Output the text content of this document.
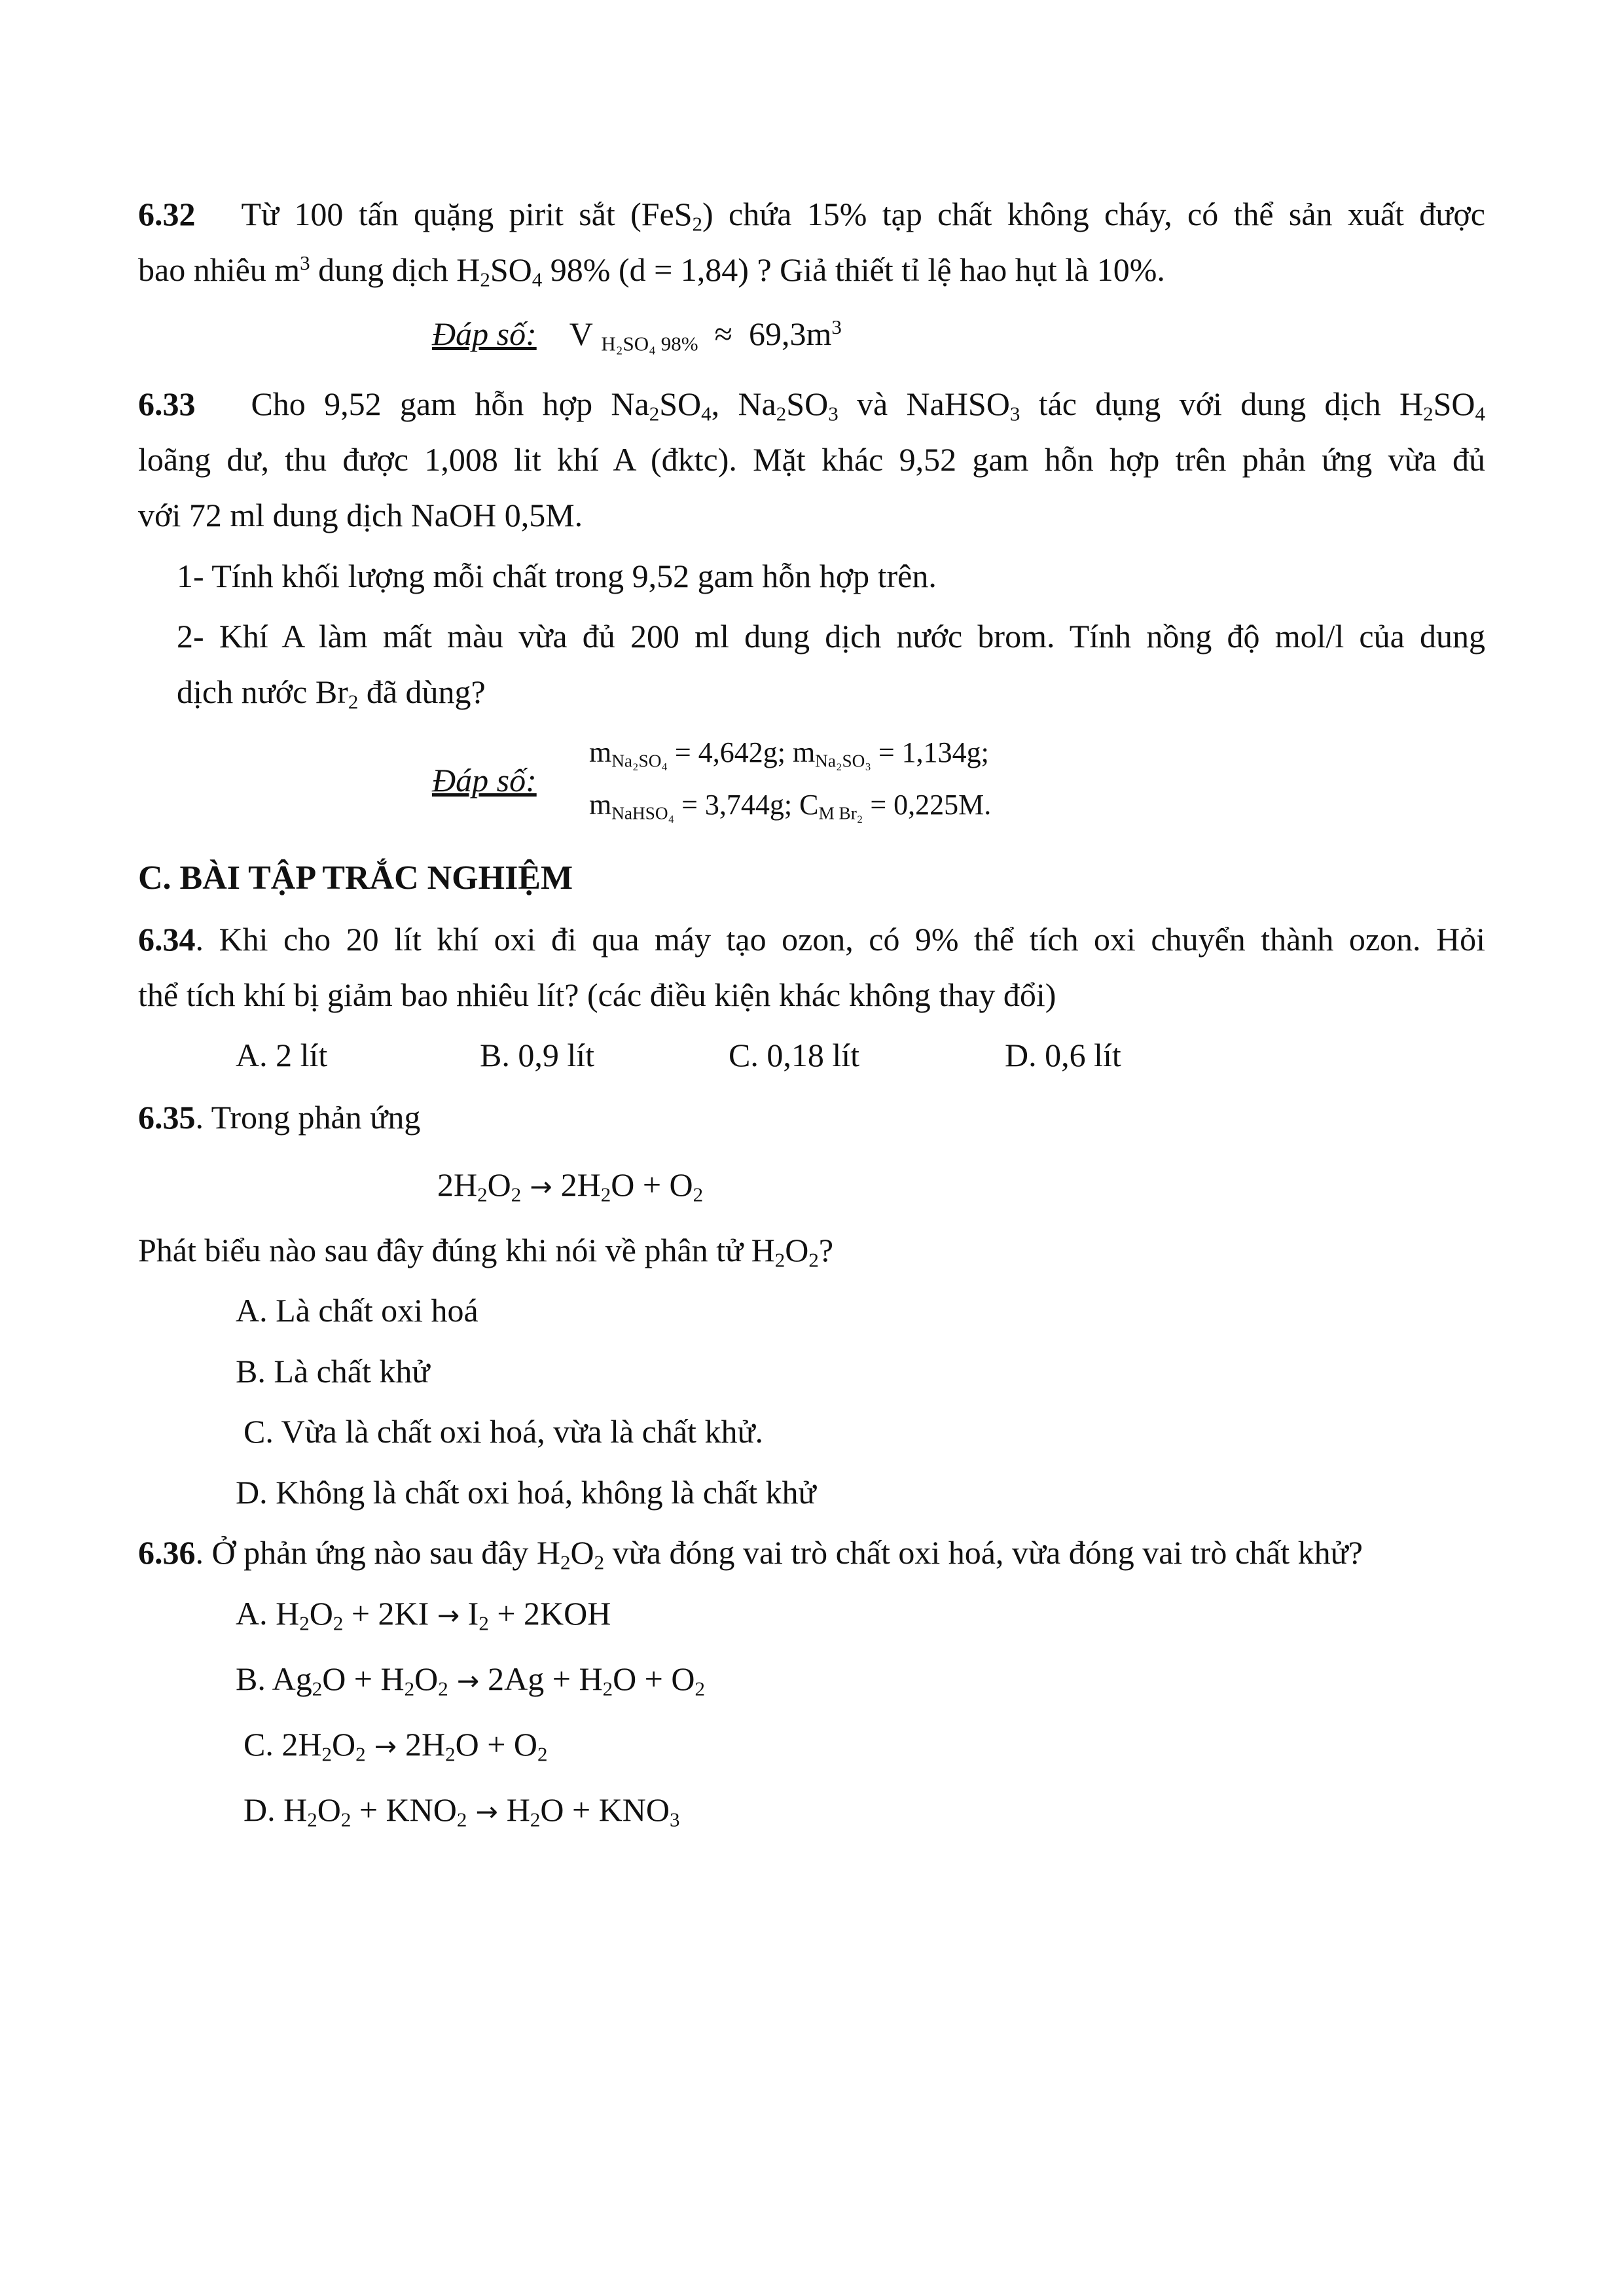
6.32 Từ 100 tấn quặng pirit sắt (FeS$_2$) chứa 15% tạp chất không cháy, có thể sản xuất được
bao nhiêu $m^3$ dung dịch $H_2SO_4$ 98% (d = 1,84) ? Giả thiết tỉ lệ hao hụt là 10%.
Đáp số: V $_{H_2SO_4 98\%} \approx 69,3m^3$
6.33 Cho 9,52 gam hỗn hợp $Na_2SO_4$, $Na_2SO_3$ và NaHSO$_3$ tác dụng với dung dịch $H_2SO_4$
loãng dư, thu được 1,008 lit khí A (đktc). Mặt khác 9,52 gam hỗn hợp trên phản ứng vừa đủ
với 72 ml dung dịch NaOH 0,5M.
1- Tính khối lượng mỗi chất trong 9,52 gam hỗn hợp trên.
2- Khí A làm mất màu vừa đủ 200 ml dung dịch nước brom. Tính nồng độ mol/l của dung
dịch nước $Br_2$ đã dùng?
Đáp số:
$m_{Na_2SO_4} = 4,642g$; $m_{Na_2SO_3} = 1,134g$;
$m_{NaHSO_4} = 3,744g$; $C_{M Br_2} = 0,225M$.
C. BÀI TẬP TRẮC NGHIỆM
6.34. Khi cho 20 lít khí oxi đi qua máy tạo ozon, có 9% thể tích oxi chuyển thành ozon. Hỏi
thể tích khí bị giảm bao nhiêu lít? (các điều kiện khác không thay đổi)
A. 2 lít	B. 0,9 lít	C. 0,18 lít	D. 0,6 lít
6.35. Trong phản ứng
$2H_2O_2 \to 2H_2O + O_2$
Phát biểu nào sau đây đúng khi nói về phân tử $H_2O_2$?
A. Là chất oxi hoá
B. Là chất khử
C. Vừa là chất oxi hoá, vừa là chất khử.
D. Không là chất oxi hoá, không là chất khử
6.36. Ở phản ứng nào sau đây $H_2O_2$ vừa đóng vai trò chất oxi hoá, vừa đóng vai trò chất khử?
A. $H_2O_2 + 2KI \to I_2 + 2KOH$
B. $Ag_2O + H_2O_2 \to 2Ag + H_2O + O_2$
C. $2H_2O_2 \to 2H_2O + O_2$
D. $H_2O_2 + KNO_2 \to H_2O + KNO_3$
